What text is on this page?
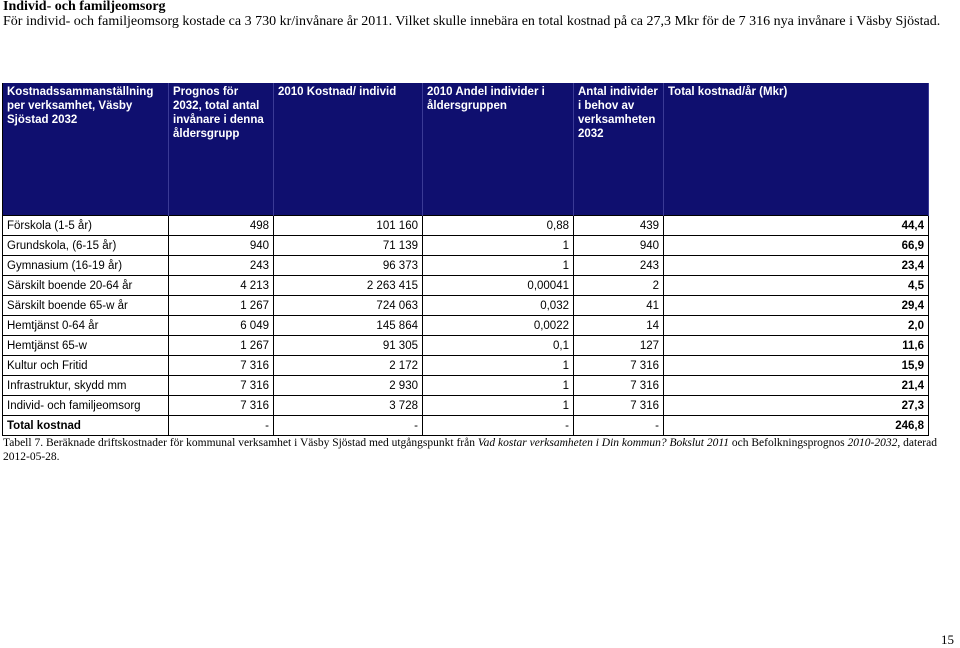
Individ- och familjeomsorg
För individ- och familjeomsorg kostade ca 3 730 kr/invånare år 2011. Vilket skulle innebära en total kostnad på ca 27,3 Mkr för de 7 316 nya invånare i Väsby Sjöstad.
Kostnadssammanställning per verksamhet, Väsby Sjöstad 2032	Prognos för 2032, total antal invånare i denna åldersgrupp	2010 Kostnad/ individ	2010 Andel individer i åldersgruppen	Antal individer i behov av verksamheten 2032	Total kostnad/år (Mkr)
Förskola (1-5 år)	498	101 160	0,88	439	44,4
Grundskola, (6-15 år)	940	71 139	1	940	66,9
Gymnasium (16-19 år)	243	96 373	1	243	23,4
Särskilt boende 20-64 år	4 213	2 263 415	0,00041	2	4,5
Särskilt boende 65-w år	1 267	724 063	0,032	41	29,4
Hemtjänst 0-64 år	6 049	145 864	0,0022	14	2,0
Hemtjänst 65-w	1 267	91 305	0,1	127	11,6
Kultur och Fritid	7 316	2 172	1	7 316	15,9
Infrastruktur, skydd mm	7 316	2 930	1	7 316	21,4
Individ- och familjeomsorg	7 316	3 728	1	7 316	27,3
Total kostnad	-	-	-	-	246,8
Tabell 7. Beräknade driftskostnader för kommunal verksamhet i Väsby Sjöstad med utgångspunkt från Vad kostar verksamheten i Din kommun? Bokslut 2011 och Befolkningsprognos 2010-2032, daterad 2012-05-28.
15
